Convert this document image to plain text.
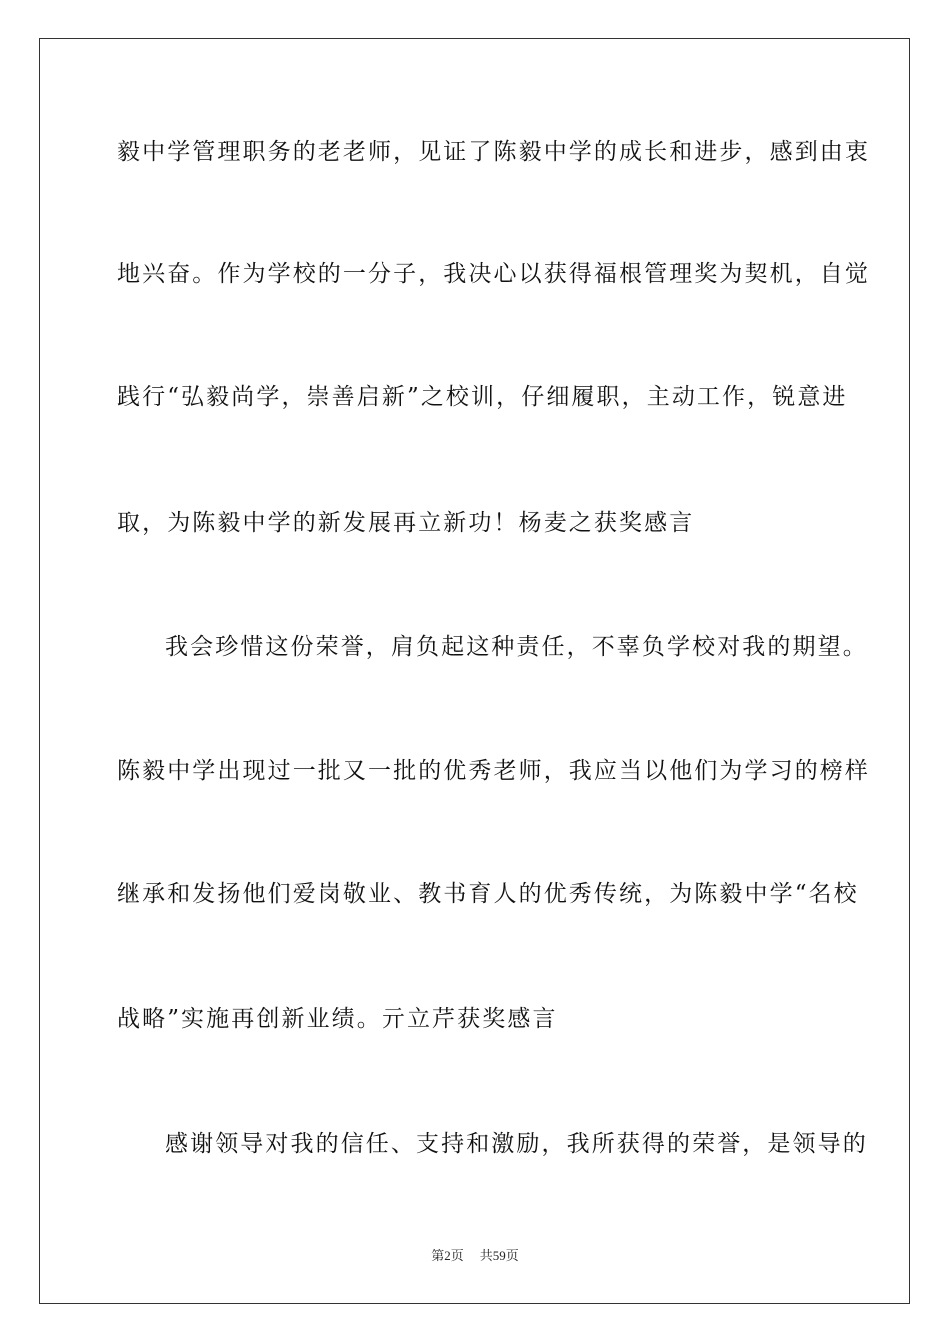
毅中学管理职务的老老师，见证了陈毅中学的成长和进步，感到由衷
地兴奋。作为学校的一分子，我决心以获得福根管理奖为契机，自觉
践行“弘毅尚学，崇善启新”之校训，仔细履职，主动工作，锐意进
取，为陈毅中学的新发展再立新功！杨麦之获奖感言
我会珍惜这份荣誉，肩负起这种责任，不辜负学校对我的期望。
陈毅中学出现过一批又一批的优秀老师，我应当以他们为学习的榜样
继承和发扬他们爱岗敬业、教书育人的优秀传统，为陈毅中学“名校
战略”实施再创新业绩。亓立芹获奖感言
感谢领导对我的信任、支持和激励，我所获得的荣誉，是领导的
第2页 共59页
